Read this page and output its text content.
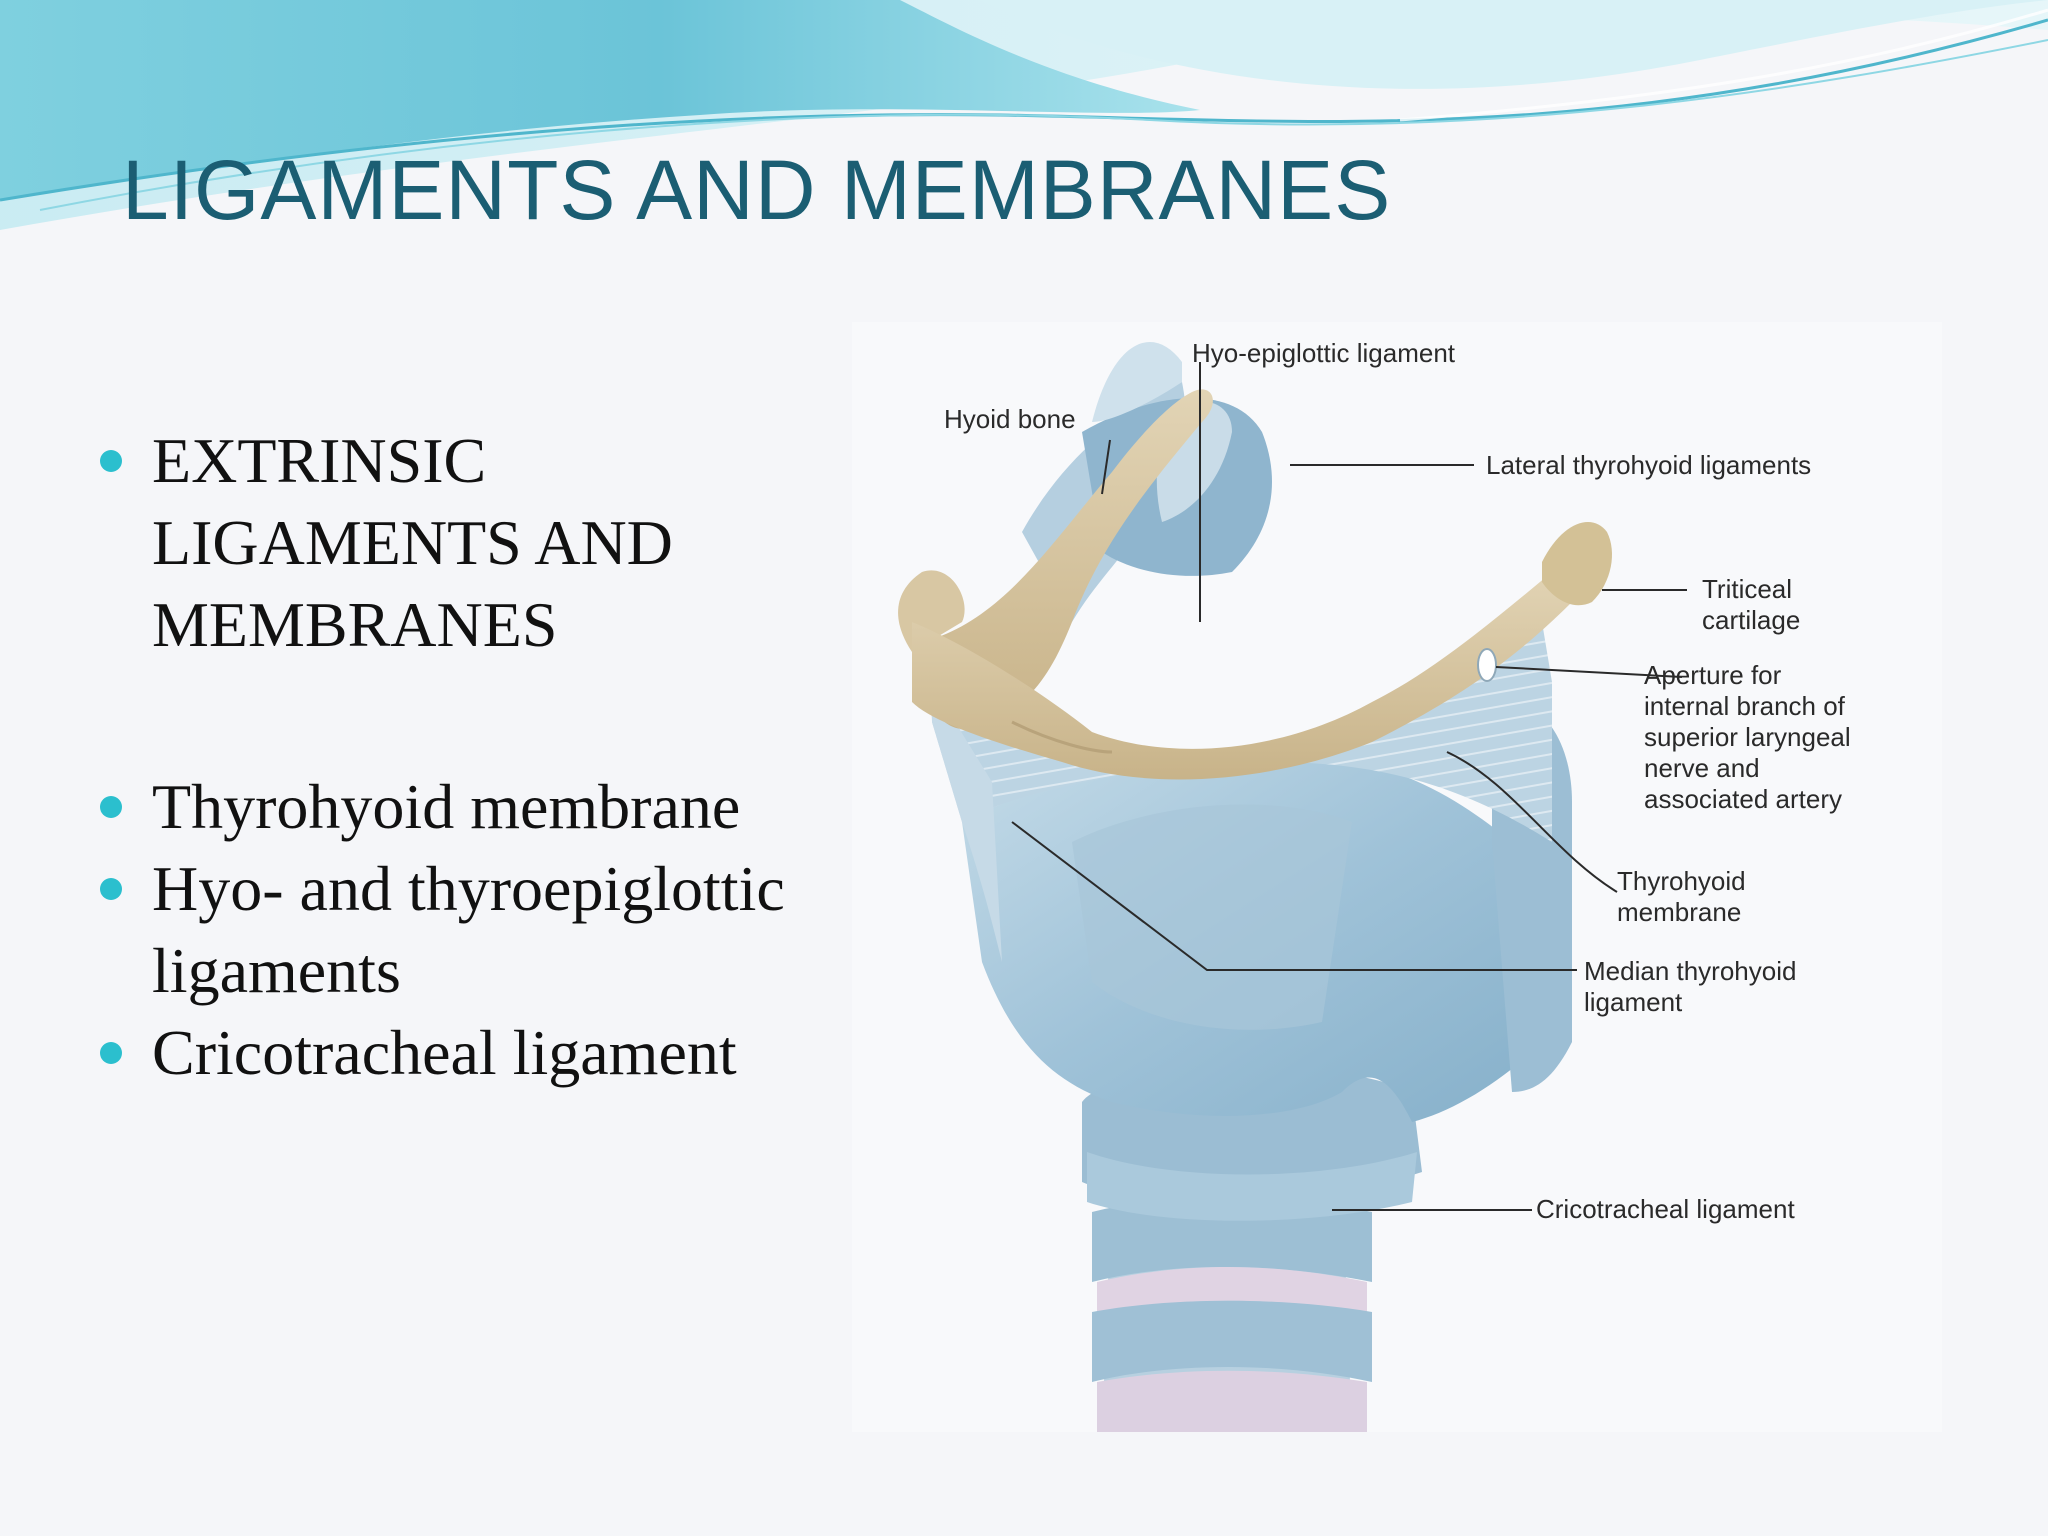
LIGAMENTS AND MEMBRANES
EXTRINSIC LIGAMENTS AND MEMBRANES
Thyrohyoid membrane
Hyo- and thyroepiglottic ligaments
Cricotracheal ligament
Hyo-epiglottic ligament
Hyoid bone
Lateral thyrohyoid ligaments
Triticeal
cartilage
Aperture for
internal branch of
superior laryngeal
nerve and
associated artery
Thyrohyoid
membrane
Median thyrohyoid
ligament
Cricotracheal ligament
